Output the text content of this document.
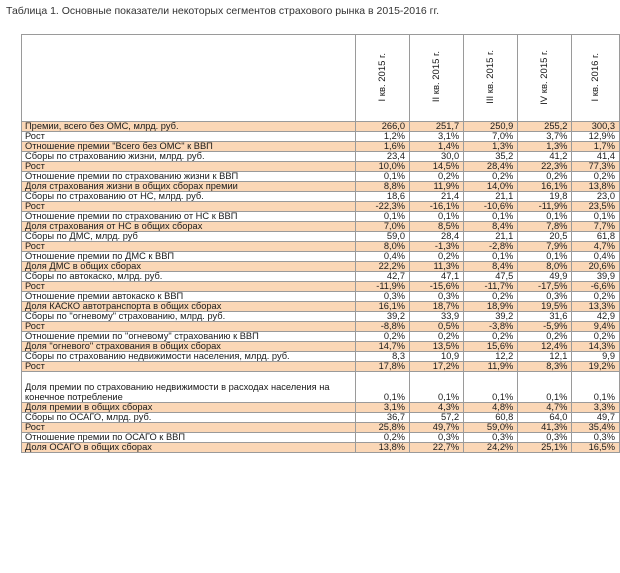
Таблица 1. Основные показатели некоторых сегментов страхового рынка в 2015-2016 гг.
	I кв. 2015 г.	II кв. 2015 г.	III кв. 2015 г.	IV кв. 2015 г.	I кв. 2016 г.
Премии, всего без ОМС, млрд. руб.	266,0	251,7	250,9	255,2	300,3
Рост	1,2%	3,1%	7,0%	3,7%	12,9%
Отношение премии "Всего без ОМС" к ВВП	1,6%	1,4%	1,3%	1,3%	1,7%
Сборы по страхованию жизни, млрд. руб.	23,4	30,0	35,2	41,2	41,4
Рост	10,0%	14,5%	28,4%	22,3%	77,3%
Отношение премии по страхованию жизни к ВВП	0,1%	0,2%	0,2%	0,2%	0,2%
Доля страхования жизни в общих сборах премии	8,8%	11,9%	14,0%	16,1%	13,8%
Сборы по страхованию от НС, млрд. руб.	18,6	21,4	21,1	19,8	23,0
Рост	-22,3%	-16,1%	-10,6%	-11,9%	23,5%
Отношение премии по страхованию от НС к ВВП	0,1%	0,1%	0,1%	0,1%	0,1%
Доля страхования от НС в общих сборах	7,0%	8,5%	8,4%	7,8%	7,7%
Сборы по ДМС, млрд. руб	59,0	28,4	21,1	20,5	61,8
Рост	8,0%	-1,3%	-2,8%	7,9%	4,7%
Отношение премии по ДМС к ВВП	0,4%	0,2%	0,1%	0,1%	0,4%
Доля ДМС в общих сборах	22,2%	11,3%	8,4%	8,0%	20,6%
Сборы по автокаско, млрд. руб.	42,7	47,1	47,5	49,9	39,9
Рост	-11,9%	-15,6%	-11,7%	-17,5%	-6,6%
Отношение премии автокаско к ВВП	0,3%	0,3%	0,2%	0,3%	0,2%
Доля КАСКО автотранспорта в общих сборах	16,1%	18,7%	18,9%	19,5%	13,3%
Сборы по "огневому" страхованию, млрд. руб.	39,2	33,9	39,2	31,6	42,9
Рост	-8,8%	0,5%	-3,8%	-5,9%	9,4%
Отношение премии по "огневому" страхованию к ВВП	0,2%	0,2%	0,2%	0,2%	0,2%
Доля "огневого" страхования в общих сборах	14,7%	13,5%	15,6%	12,4%	14,3%
Сборы по страхованию недвижимости населения, млрд. руб.	8,3	10,9	12,2	12,1	9,9
Рост	17,8%	17,2%	11,9%	8,3%	19,2%
Доля премии по страхованию недвижимости в расходах населения на конечное потребление	0,1%	0,1%	0,1%	0,1%	0,1%
Доля премии в общих сборах	3,1%	4,3%	4,8%	4,7%	3,3%
Сборы по ОСАГО, млрд. руб.	36,7	57,2	60,8	64,0	49,7
Рост	25,8%	49,7%	59,0%	41,3%	35,4%
Отношение премии по ОСАГО к ВВП	0,2%	0,3%	0,3%	0,3%	0,3%
Доля ОСАГО в общих сборах	13,8%	22,7%	24,2%	25,1%	16,5%
